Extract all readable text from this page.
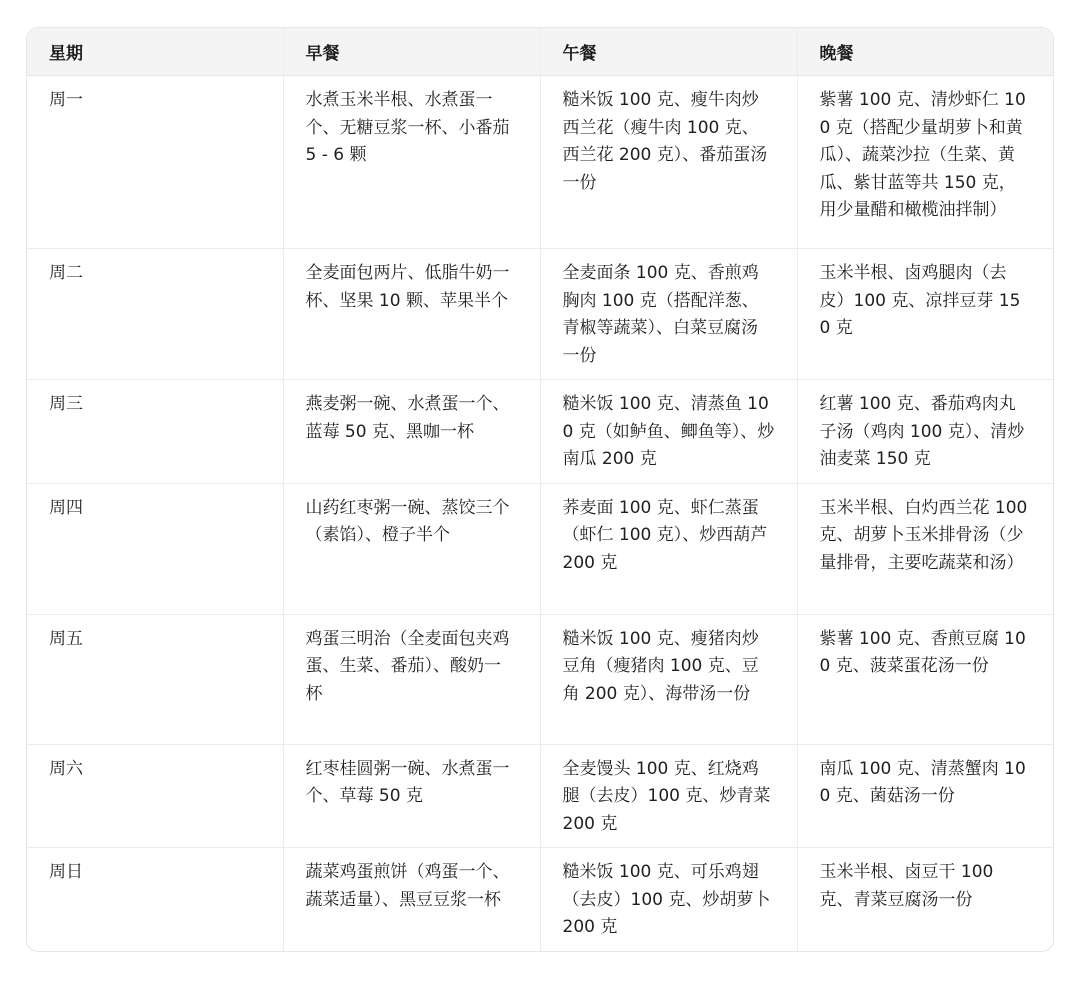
星期	早餐	午餐	晚餐
周一	水煮玉米半根、水煮蛋一个、无糖豆浆一杯、小番茄 5 - 6 颗	糙米饭 100 克、瘦牛肉炒西兰花（瘦牛肉 100 克、西兰花 200 克）、番茄蛋汤一份	紫薯 100 克、清炒虾仁 100 克（搭配少量胡萝卜和黄瓜）、蔬菜沙拉（生菜、黄瓜、紫甘蓝等共 150 克，用少量醋和橄榄油拌制）
周二	全麦面包两片、低脂牛奶一杯、坚果 10 颗、苹果半个	全麦面条 100 克、香煎鸡胸肉 100 克（搭配洋葱、青椒等蔬菜）、白菜豆腐汤一份	玉米半根、卤鸡腿肉（去皮）100 克、凉拌豆芽 150 克
周三	燕麦粥一碗、水煮蛋一个、蓝莓 50 克、黑咖一杯	糙米饭 100 克、清蒸鱼 100 克（如鲈鱼、鲫鱼等）、炒南瓜 200 克	红薯 100 克、番茄鸡肉丸子汤（鸡肉 100 克）、清炒油麦菜 150 克
周四	山药红枣粥一碗、蒸饺三个（素馅）、橙子半个	荞麦面 100 克、虾仁蒸蛋（虾仁 100 克）、炒西葫芦 200 克	玉米半根、白灼西兰花 100 克、胡萝卜玉米排骨汤（少量排骨，主要吃蔬菜和汤）
周五	鸡蛋三明治（全麦面包夹鸡蛋、生菜、番茄）、酸奶一杯	糙米饭 100 克、瘦猪肉炒豆角（瘦猪肉 100 克、豆角 200 克）、海带汤一份	紫薯 100 克、香煎豆腐 100 克、菠菜蛋花汤一份
周六	红枣桂圆粥一碗、水煮蛋一个、草莓 50 克	全麦馒头 100 克、红烧鸡腿（去皮）100 克、炒青菜 200 克	南瓜 100 克、清蒸蟹肉 100 克、菌菇汤一份
周日	蔬菜鸡蛋煎饼（鸡蛋一个、蔬菜适量）、黑豆豆浆一杯	糙米饭 100 克、可乐鸡翅（去皮）100 克、炒胡萝卜 200 克	玉米半根、卤豆干 100 克、青菜豆腐汤一份
